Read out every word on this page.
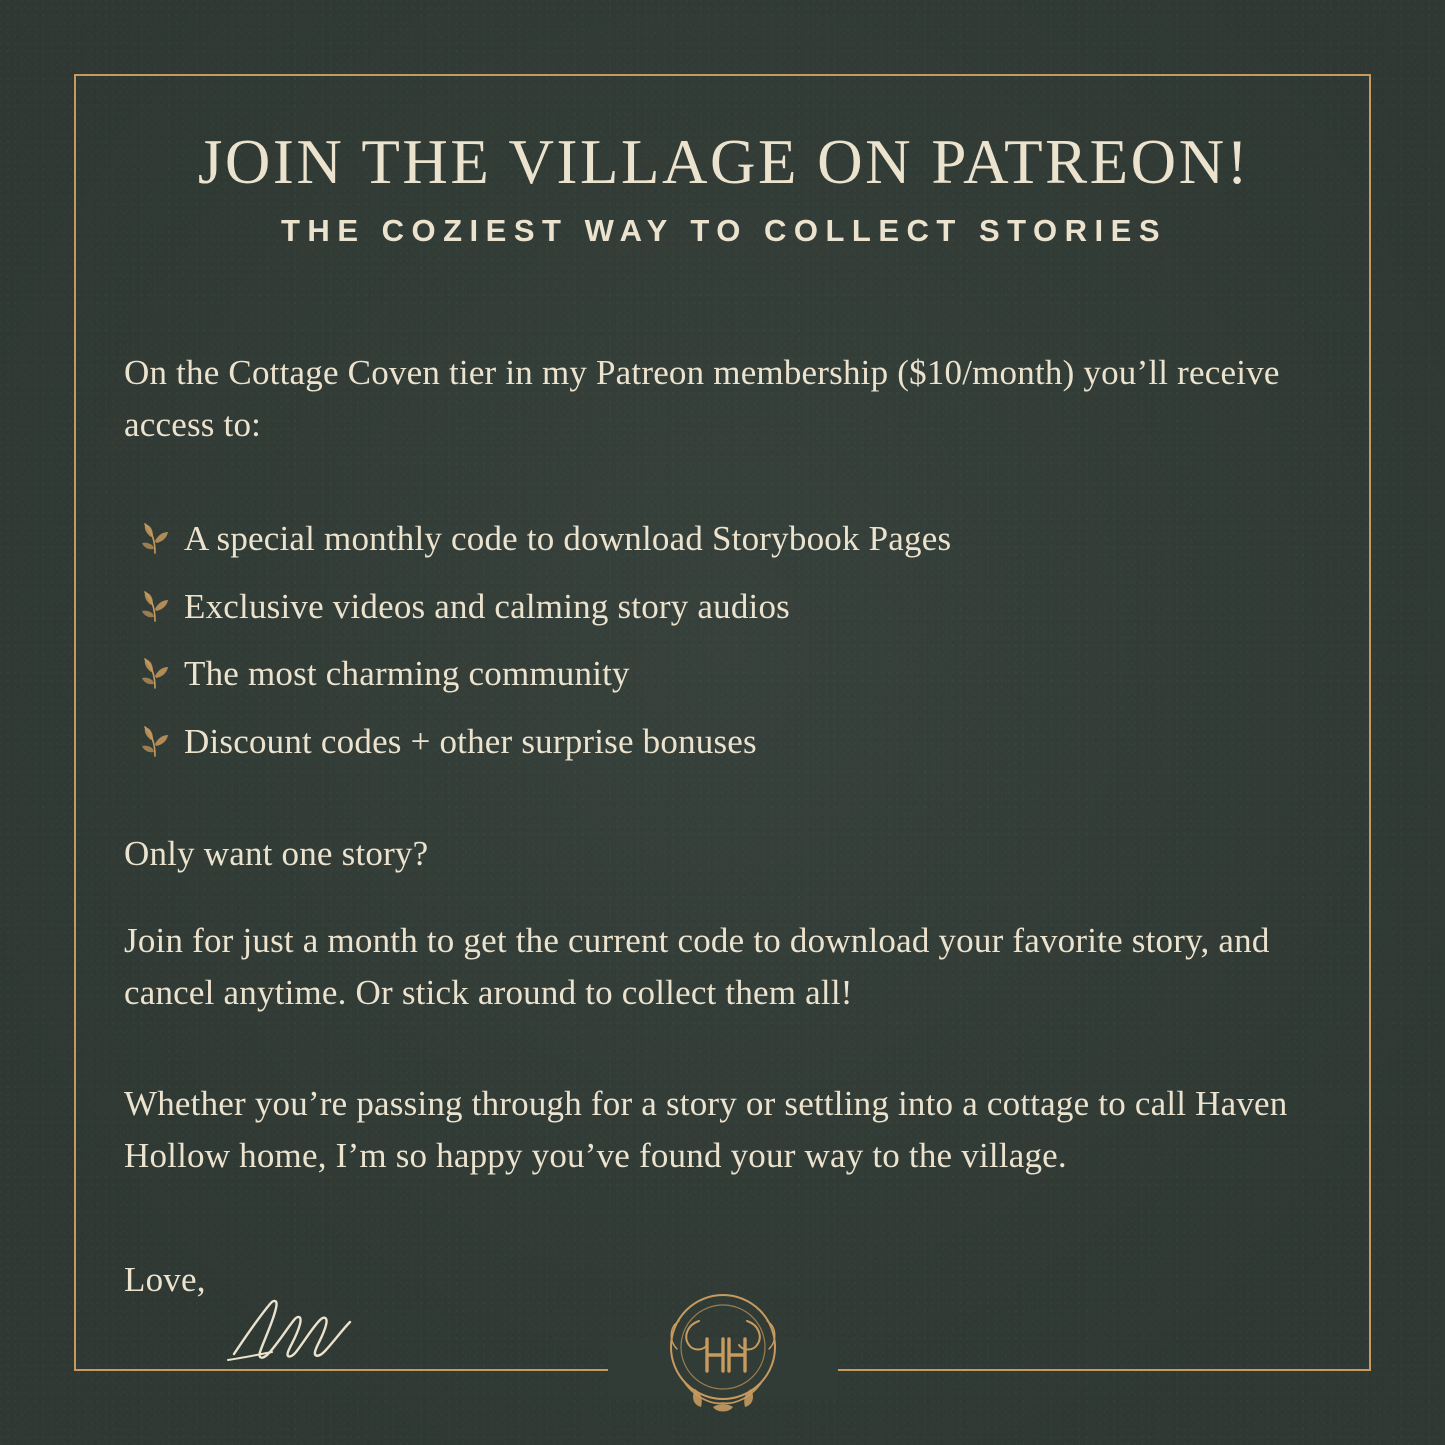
JOIN THE VILLAGE ON PATREON!
THE COZIEST WAY TO COLLECT STORIES

On the Cottage Coven tier in my Patreon membership ($10/month) you’ll receive access to:

A special monthly code to download Storybook Pages
Exclusive videos and calming story audios
The most charming community
Discount codes + other surprise bonuses

Only want one story?

Join for just a month to get the current code to download your favorite story, and cancel anytime. Or stick around to collect them all!

Whether you’re passing through for a story or settling into a cottage to call Haven Hollow home, I’m so happy you’ve found your way to the village.

Love,
